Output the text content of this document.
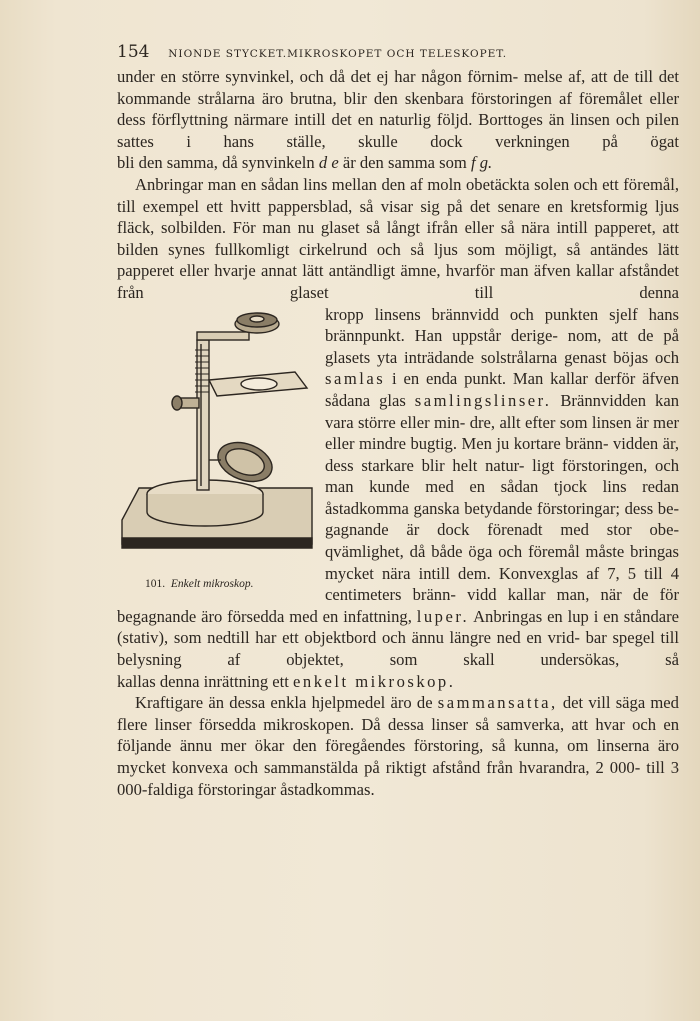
154 NIONDE STYCKET.MIKROSKOPET OCH TELESKOPET.

under en större synvinkel, och då det ej har någon förnim- melse af, att de till det kommande strålarna äro brutna, blir den skenbara förstoringen af föremålet eller dess förflyttning närmare intill det en naturlig följd. Borttoges än linsen och pilen sattes i hans ställe, skulle dock verkningen på ögat

bli den samma, då synvinkeln d e är den samma som f g.

Anbringar man en sådan lins mellan den af moln obetäckta solen och ett föremål, till exempel ett hvitt pappersblad, så visar sig på det senare en kretsformig ljus fläck, solbilden. För man nu glaset så långt ifrån eller så nära intill papperet, att bilden synes fullkomligt cirkelrund och så ljus som möjligt, så antändes lätt papperet eller hvarje annat lätt antändligt ämne, hvarför man äfven kallar afståndet från glaset till denna

101. Enkelt mikroskop.

kropp linsens brännvidd och punkten sjelf hans brännpunkt. Han uppstår derige- nom, att de på glasets yta inträdande solstrålarna genast böjas och samlas i en enda punkt. Man kallar derför äfven sådana glas samlingslinser. Brännvidden kan vara större eller min- dre, allt efter som linsen är mer eller mindre bugtig. Men ju kortare bränn- vidden är, dess starkare blir helt natur- ligt förstoringen, och man kunde med en sådan tjock lins redan åstadkomma ganska betydande förstoringar; dess be- gagnande är dock förenadt med stor obe- qvämlighet, då både öga och föremål måste bringas mycket nära intill dem. Konvexglas af 7, 5 till 4 centimeters bränn- vidd kallar man, när de för begagnande äro försedda med en infattning, luper. Anbringas en lup i en ståndare (stativ), som nedtill har ett objektbord och ännu längre ned en vrid- bar spegel till belysning af objektet, som skall undersökas, så

kallas denna inrättning ett enkelt mikroskop.

Kraftigare än dessa enkla hjelpmedel äro de sammansatta, det vill säga med flere linser försedda mikroskopen. Då dessa linser så samverka, att hvar och en följande ännu mer ökar den föregåendes förstoring, så kunna, om linserna äro mycket konvexa och sammanstälda på riktigt afstånd från hvarandra, 2 000- till 3 000-faldiga förstoringar åstadkommas.
